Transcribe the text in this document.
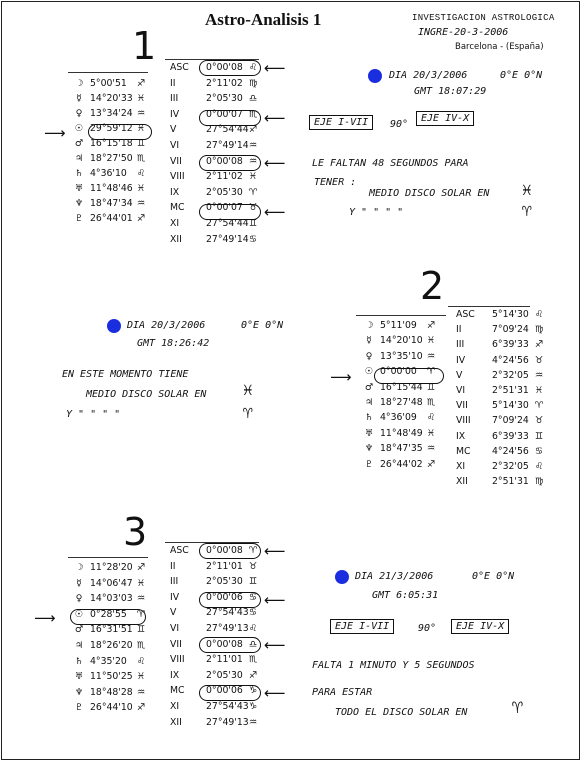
Astro-Analisis 1	INVESTIGACION ASTROLOGICA
INGRE-20-3-2006
Barcelona - (España)
1
☽ 5°00'51	♐
☿ 14°20'33 ♓
♀ 13°34'24 ♒
☉ 29°59'12 ♓
♂ 16°15'18 ♊
♃ 18°27'50 ♏
♄ 4°36'10	♌
♅ 11°48'46 ♓
♆ 18°47'34 ♒
♇ 26°44'01 ♐
ASC 0°00'08 ♌
II	2°11'02 ♍
III	2°05'30 ♎
IV	0°00'07 ♏
V	27°54'44 ♐
VI	27°49'14 ♒
VII	0°00'08 ♒
VIII 2°11'02 ♓
IX	2°05'30 ♈
MC 0°00'07 ♉
XI	27°54'44 ♊
XII	27°49'14 ♋
⟶
⟵
⟵
⟵
⟵
DIA 20/3/2006	0°E 0°N
GMT 18:07:29
EJE I-VII	90°
EJE IV-X
LE FALTAN 48 SEGUNDOS PARA
TENER :
MEDIO DISCO SOLAR EN ♓
Y " " " "	♈
2
DIA 20/3/2006	0°E 0°N
GMT 18:26:42
EN ESTE MOMENTO TIENE
MEDIO DISCO SOLAR EN ♓
Y " " " "	♈
☽ 5°11'09	♐
☿ 14°20'10 ♓
♀ 13°35'10 ♒
☉ 0°00'00	♈
♂ 16°15'44 ♊
♃ 18°27'48 ♏
♄ 4°36'09	♌
♅ 11°48'49 ♓
♆ 18°47'35 ♒
♇ 26°44'02 ♐
ASC 5°14'30 ♌
II	7°09'24 ♍
III	6°39'33 ♐
IV	4°24'56 ♉
V	2°32'05 ♒
VI	2°51'31 ♓
VII	5°14'30 ♈
VIII 7°09'24 ♉
IX	6°39'33 ♊
MC 4°24'56 ♋
XI	2°32'05 ♌
XII	2°51'31 ♍
⟶
3
☽ 11°28'20 ♐
☿ 14°06'47 ♓
♀ 14°03'03 ♒
☉ 0°28'55	♈
♂ 16°31'51 ♊
♃ 18°26'20 ♏
♄ 4°35'20	♌
♅ 11°50'25 ♓
♆ 18°48'28 ♒
♇ 26°44'10 ♐
ASC 0°00'08 ♈
II	2°11'01 ♉
III	2°05'30 ♊
IV	0°00'06 ♋
V	27°54'43 ♋
VI	27°49'13 ♌
VII	0°00'08 ♎
VIII 2°11'01 ♏
IX	2°05'30 ♐
MC 0°00'06 ♑
XI	27°54'43 ♑
XII	27°49'13 ♒
⟶
⟵
⟵
⟵
⟵
DIA 21/3/2006	0°E 0°N
GMT 6:05:31
EJE I-VII	90°	EJE IV-X
FALTA 1 MINUTO Y 5 SEGUNDOS
PARA ESTAR
TODO EL DISCO SOLAR EN ♈
